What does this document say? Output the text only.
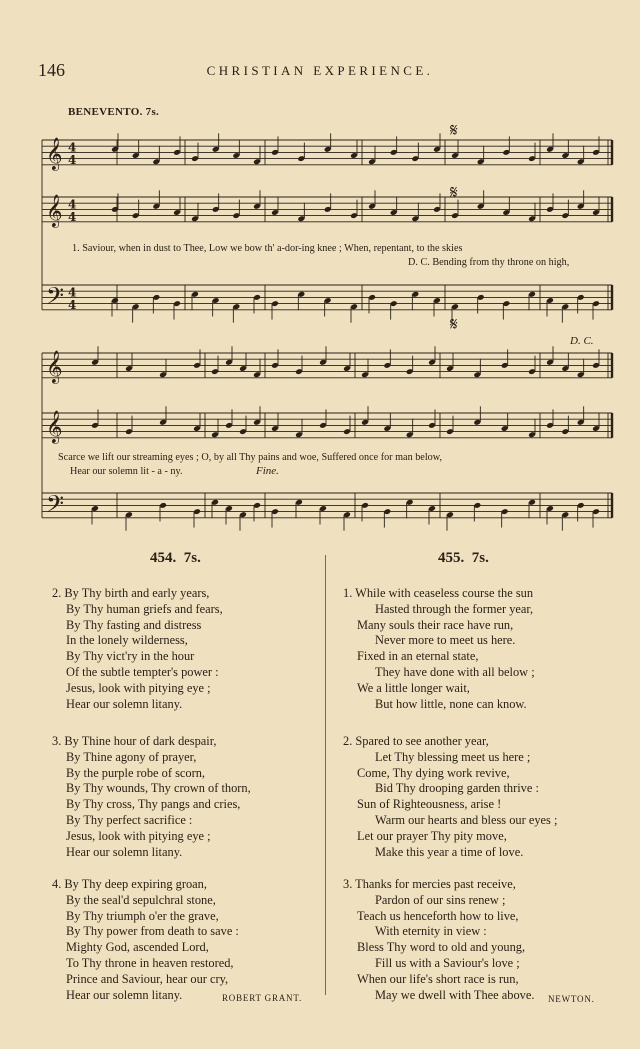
146	CHRISTIAN EXPERIENCE.
BENEVENTO. 7s.
𝄞 4
4
𝄞 4
4
𝄢 4
4
𝄞
𝄞
𝄢
𝄋
𝄋
𝄋
1. Saviour, when in dust to Thee, Low we bow th' a-dor-ing knee ; When, repentant, to the skies
D. C. Bending from thy throne on high,
Scarce we lift our streaming eyes ; O, by all Thy pains and woe, Suffered once for man below,
Hear our solemn lit - a - ny.	Fine.
D. C.
454. 7s.	455. 7s.
2. By Thy birth and early years,
By Thy human griefs and fears,
By Thy fasting and distress
In the lonely wilderness,
By Thy vict'ry in the hour
Of the subtle tempter's power :
Jesus, look with pitying eye ;
Hear our solemn litany.
3. By Thine hour of dark despair,
By Thine agony of prayer,
By the purple robe of scorn,
By Thy wounds, Thy crown of thorn,
By Thy cross, Thy pangs and cries,
By Thy perfect sacrifice :
Jesus, look with pitying eye ;
Hear our solemn litany.
4. By Thy deep expiring groan,
By the seal'd sepulchral stone,
By Thy triumph o'er the grave,
By Thy power from death to save :
Mighty God, ascended Lord,
To Thy throne in heaven restored,
Prince and Saviour, hear our cry,
Hear our solemn litany.
1. While with ceaseless course the sun
Hasted through the former year,
Many souls their race have run,
Never more to meet us here.
Fixed in an eternal state,
They have done with all below ;
We a little longer wait,
But how little, none can know.
2. Spared to see another year,
Let Thy blessing meet us here ;
Come, Thy dying work revive,
Bid Thy drooping garden thrive :
Sun of Righteousness, arise !
Warm our hearts and bless our eyes ;
Let our prayer Thy pity move,
Make this year a time of love.
3. Thanks for mercies past receive,
Pardon of our sins renew ;
Teach us henceforth how to live,
With eternity in view :
Bless Thy word to old and young,
Fill us with a Saviour's love ;
When our life's short race is run,
May we dwell with Thee above.
ROBERT GRANT.	NEWTON.
